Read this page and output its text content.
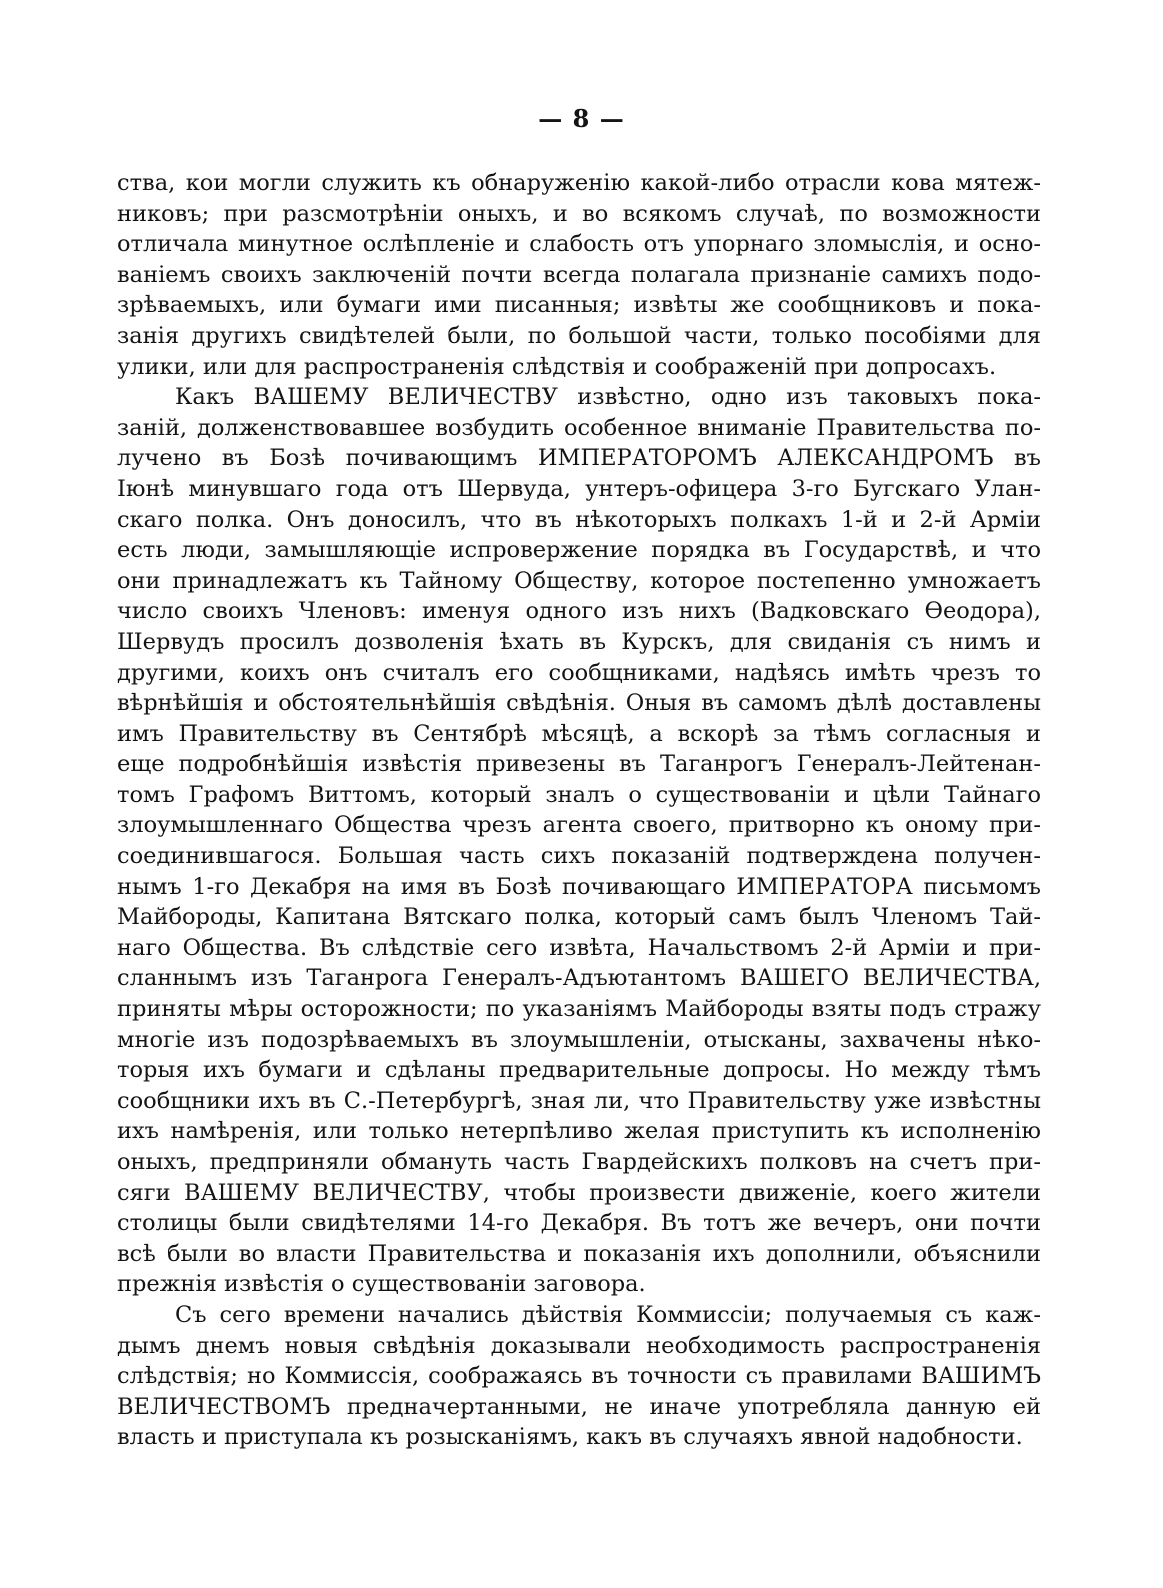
— 8 —
ства, кои могли служить къ обнаруженію какой-либо отрасли кова мятеж-
никовъ; при разсмотрѣніи оныхъ, и во всякомъ случаѣ, по возможности
отличала минутное ослѣпленіе и слабость отъ упорнаго зломыслія, и осно-
ваніемъ своихъ заключеній почти всегда полагала признаніе самихъ подо-
зрѣваемыхъ, или бумаги ими писанныя; извѣты же сообщниковъ и пока-
занія другихъ свидѣтелей были, по большой части, только пособіями для
улики, или для распространенія слѣдствія и соображеній при допросахъ.
Какъ ВАШЕМУ ВЕЛИЧЕСТВУ извѣстно, одно изъ таковыхъ пока-
заній, долженствовавшее возбудить особенное вниманіе Правительства по-
лучено въ Бозѣ почивающимъ ИМПЕРАТОРОМЪ АЛЕКСАНДРОМЪ въ
Іюнѣ минувшаго года отъ Шервуда, унтеръ-офицера 3-го Бугскаго Улан-
скаго полка. Онъ доносилъ, что въ нѣкоторыхъ полкахъ 1-й и 2-й Арміи
есть люди, замышляющіе испровержение порядка въ Государствѣ, и что
они принадлежатъ къ Тайному Обществу, которое постепенно умножаетъ
число своихъ Членовъ: именуя одного изъ нихъ (Вадковскаго Ѳеодора),
Шервудъ просилъ дозволенія ѣхать въ Курскъ, для свиданія съ нимъ и
другими, коихъ онъ считалъ его сообщниками, надѣясь имѣть чрезъ то
вѣрнѣйшія и обстоятельнѣйшія свѣдѣнія. Оныя въ самомъ дѣлѣ доставлены
имъ Правительству въ Сентябрѣ мѣсяцѣ, а вскорѣ за тѣмъ согласныя и
еще подробнѣйшія извѣстія привезены въ Таганрогъ Генералъ-Лейтенан-
томъ Графомъ Виттомъ, который зналъ о существованіи и цѣли Тайнаго
злоумышленнаго Общества чрезъ агента своего, притворно къ оному при-
соединившагося. Большая часть сихъ показаній подтверждена получен-
нымъ 1-го Декабря на имя въ Бозѣ почивающаго ИМПЕРАТОРА письмомъ
Майбороды, Капитана Вятскаго полка, который самъ былъ Членомъ Тай-
наго Общества. Въ слѣдствіе сего извѣта, Начальствомъ 2-й Арміи и при-
сланнымъ изъ Таганрога Генералъ-Адъютантомъ ВАШЕГО ВЕЛИЧЕСТВА,
приняты мѣры осторожности; по указаніямъ Майбороды взяты подъ стражу
многіе изъ подозрѣваемыхъ въ злоумышленіи, отысканы, захвачены нѣко-
торыя ихъ бумаги и сдѣланы предварительные допросы. Но между тѣмъ
сообщники ихъ въ С.-Петербургѣ, зная ли, что Правительству уже извѣстны
ихъ намѣренія, или только нетерпѣливо желая приступить къ исполненію
оныхъ, предприняли обмануть часть Гвардейскихъ полковъ на счетъ при-
сяги ВАШЕМУ ВЕЛИЧЕСТВУ, чтобы произвести движеніе, коего жители
столицы были свидѣтелями 14-го Декабря. Въ тотъ же вечеръ, они почти
всѣ были во власти Правительства и показанія ихъ дополнили, объяснили
прежнія извѣстія о существованіи заговора.
Съ сего времени начались дѣйствія Коммиссіи; получаемыя съ каж-
дымъ днемъ новыя свѣдѣнія доказывали необходимость распространенія
слѣдствія; но Коммиссія, соображаясь въ точности съ правилами ВАШИМЪ
ВЕЛИЧЕСТВОМЪ предначертанными, не иначе употребляла данную ей
власть и приступала къ розысканіямъ, какъ въ случаяхъ явной надобности.
